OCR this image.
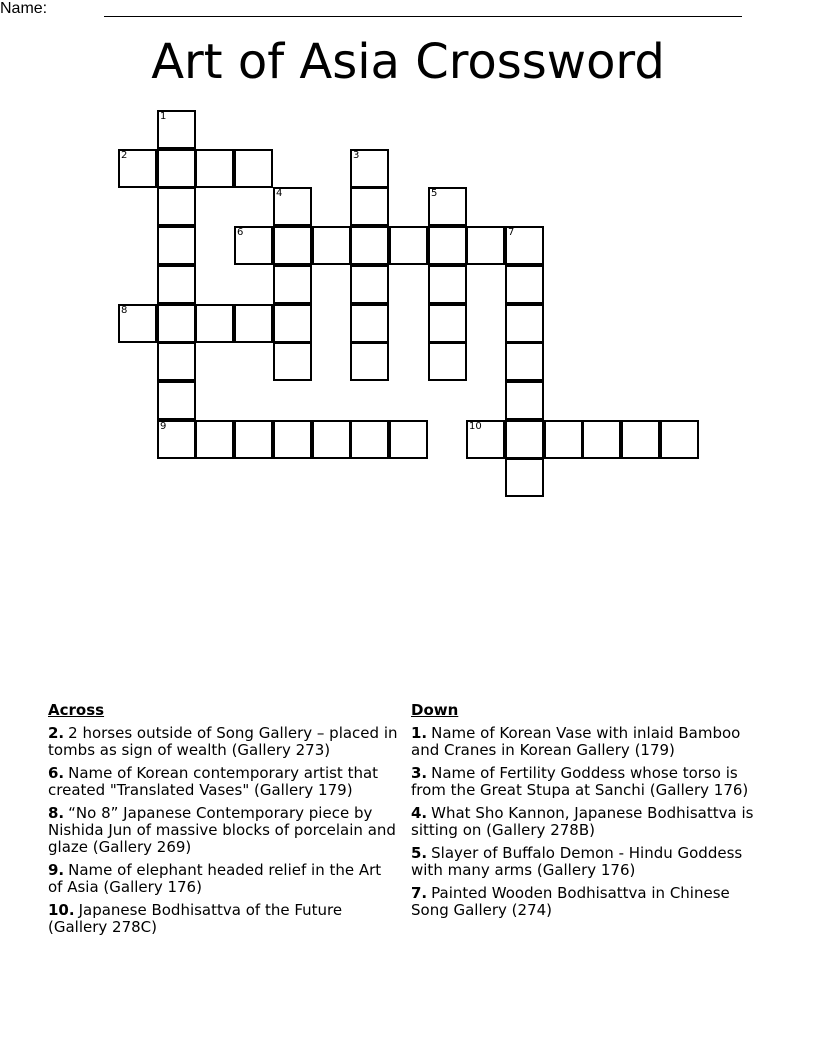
Name:
Art of Asia Crossword
1
2	3
4	5
6	7
8
9	10
Across
2. 2 horses outside of Song Gallery – placed in tombs as sign of wealth (Gallery 273)
6. Name of Korean contemporary artist that created "Translated Vases" (Gallery 179)
8. “No 8” Japanese Contemporary piece by Nishida Jun of massive blocks of porcelain and glaze (Gallery 269)
9. Name of elephant headed relief in the Art of Asia (Gallery 176)
10. Japanese Bodhisattva of the Future (Gallery 278C)
Down
1. Name of Korean Vase with inlaid Bamboo and Cranes in Korean Gallery (179)
3. Name of Fertility Goddess whose torso is from the Great Stupa at Sanchi (Gallery 176)
4. What Sho Kannon, Japanese Bodhisattva is sitting on (Gallery 278B)
5. Slayer of Buffalo Demon - Hindu Goddess with many arms (Gallery 176)
7. Painted Wooden Bodhisattva in Chinese Song Gallery (274)
